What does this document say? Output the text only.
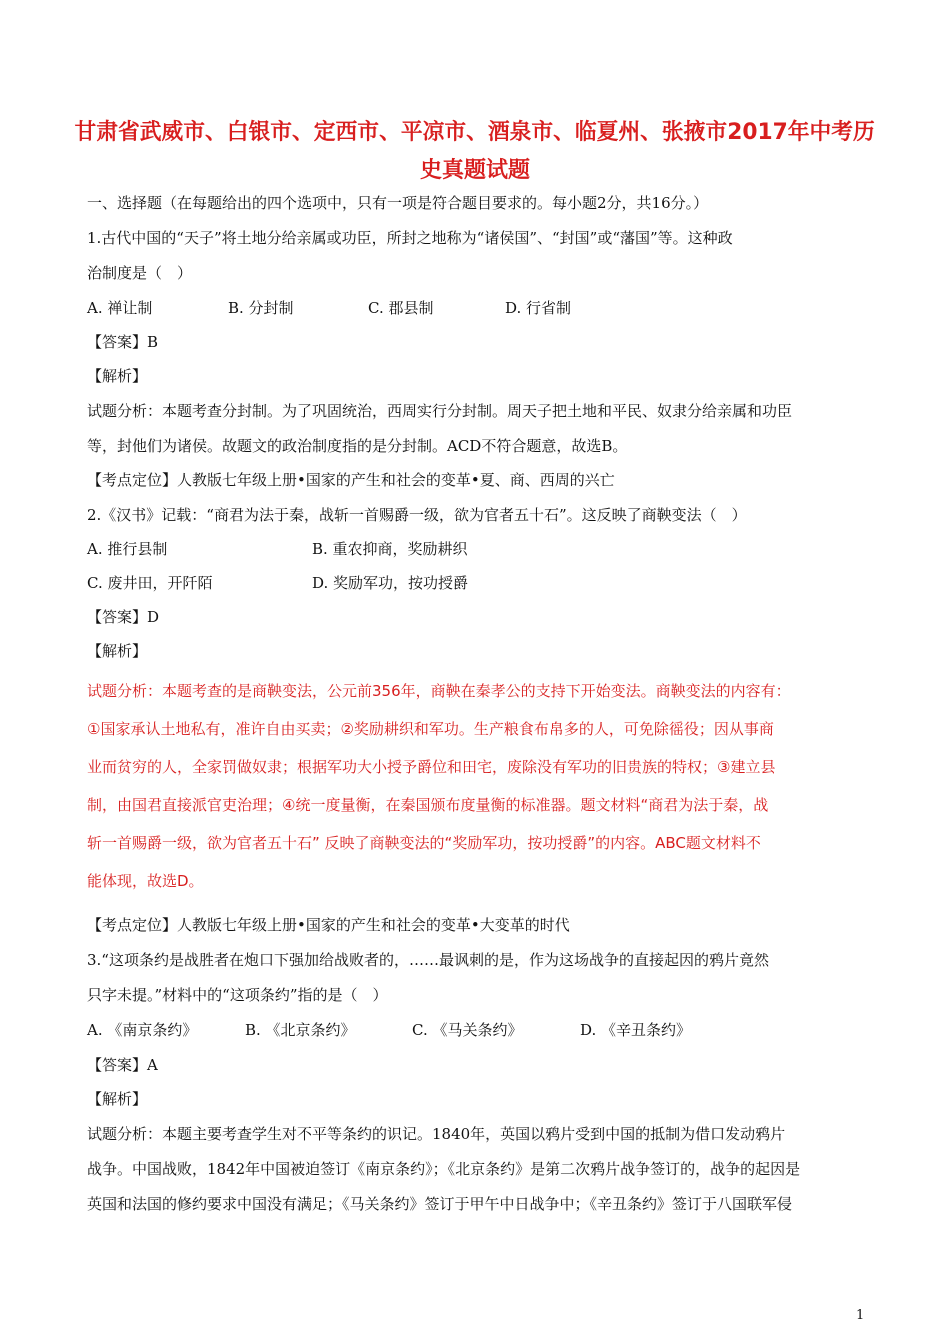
甘肃省武威市、白银市、定西市、平凉市、酒泉市、临夏州、张掖市2017年中考历
史真题试题
一、选择题（在每题给出的四个选项中，只有一项是符合题目要求的。每小题2分，共16分。）
1.古代中国的“天子”将土地分给亲属或功臣，所封之地称为“诸侯国”、“封国”或“藩国”等。这种政
治制度是（　）
A. 禅让制	B. 分封制	C. 郡县制	D. 行省制
【答案】B
【解析】
试题分析：本题考查分封制。为了巩固统治，西周实行分封制。周天子把土地和平民、奴隶分给亲属和功臣
等，封他们为诸侯。故题文的政治制度指的是分封制。ACD不符合题意，故选B。
【考点定位】人教版七年级上册•国家的产生和社会的变革•夏、商、西周的兴亡
2.《汉书》记载：“商君为法于秦，战斩一首赐爵一级，欲为官者五十石”。这反映了商鞅变法（　）
A. 推行县制	B. 重农抑商，奖励耕织
C. 废井田，开阡陌	D. 奖励军功，按功授爵
【答案】D
【解析】
试题分析：本题考查的是商鞅变法，公元前356年，商鞅在秦孝公的支持下开始变法。商鞅变法的内容有：
①国家承认土地私有，准许自由买卖；②奖励耕织和军功。生产粮食布帛多的人，可免除徭役；因从事商
业而贫穷的人，全家罚做奴隶；根据军功大小授予爵位和田宅，废除没有军功的旧贵族的特权；③建立县
制，由国君直接派官吏治理；④统一度量衡，在秦国颁布度量衡的标准器。题文材料“商君为法于秦，战
斩一首赐爵一级，欲为官者五十石” 反映了商鞅变法的“奖励军功，按功授爵”的内容。ABC题文材料不
能体现，故选D。
【考点定位】人教版七年级上册•国家的产生和社会的变革•大变革的时代
3.“这项条约是战胜者在炮口下强加给战败者的，……最讽刺的是，作为这场战争的直接起因的鸦片竟然
只字未提。”材料中的“这项条约”指的是（　）
A. 《南京条约》	B. 《北京条约》	C. 《马关条约》	D. 《辛丑条约》
【答案】A
【解析】
试题分析：本题主要考查学生对不平等条约的识记。1840年，英国以鸦片受到中国的抵制为借口发动鸦片
战争。中国战败，1842年中国被迫签订《南京条约》；《北京条约》是第二次鸦片战争签订的，战争的起因是
英国和法国的修约要求中国没有满足；《马关条约》签订于甲午中日战争中；《辛丑条约》签订于八国联军侵
1
